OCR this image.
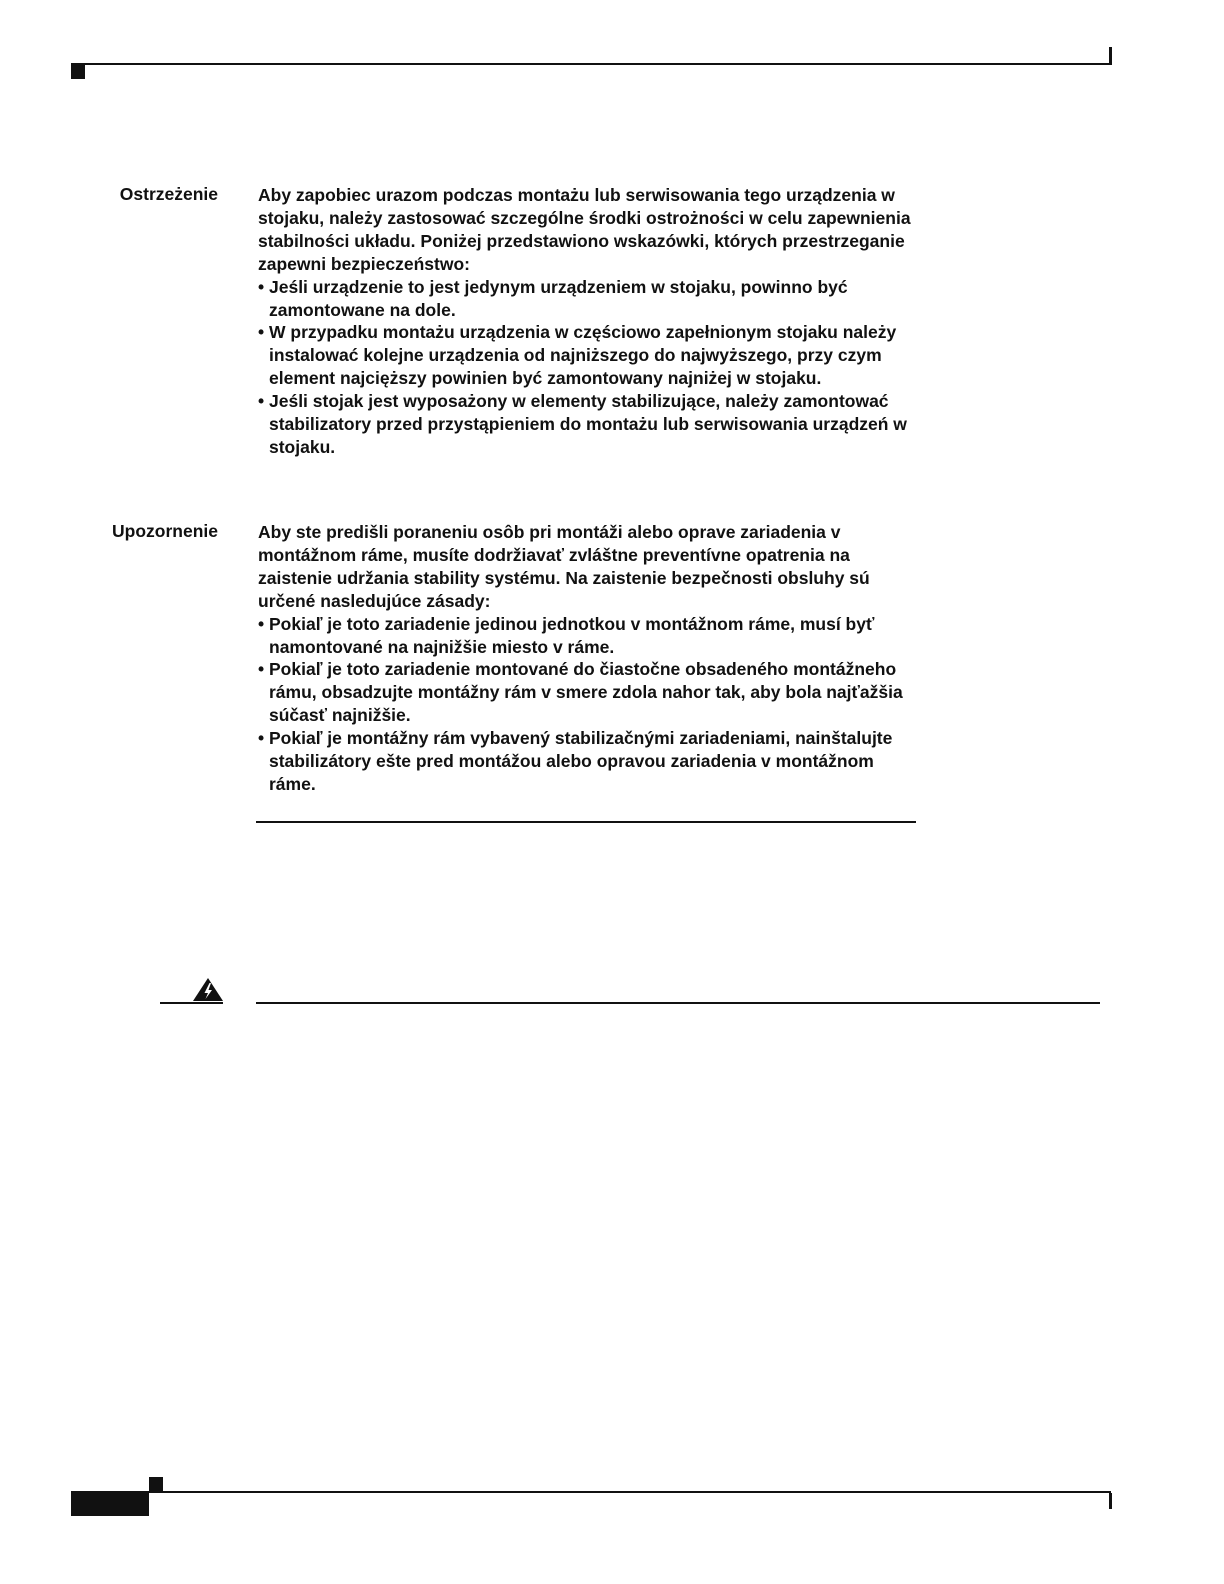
Ostrzeżenie Aby zapobiec urazom podczas montażu lub serwisowania tego urządzenia w stojaku, należy zastosować szczególne środki ostrożności w celu zapewnienia stabilności układu. Poniżej przedstawiono wskazówki, których przestrzeganie zapewni bezpieczeństwo:

• Jeśli urządzenie to jest jedynym urządzeniem w stojaku, powinno być zamontowane na dole.
• W przypadku montażu urządzenia w częściowo zapełnionym stojaku należy instalować kolejne urządzenia od najniższego do najwyższego, przy czym element najcięższy powinien być zamontowany najniżej w stojaku.
• Jeśli stojak jest wyposażony w elementy stabilizujące, należy zamontować stabilizatory przed przystąpieniem do montażu lub serwisowania urządzeń w stojaku.
Upozornenie Aby ste predišli poraneniu osôb pri montáži alebo oprave zariadenia v montážnom ráme, musíte dodržiavať zvláštne preventívne opatrenia na zaistenie udržania stability systému. Na zaistenie bezpečnosti obsluhy sú určené nasledujúce zásady:

• Pokiaľ je toto zariadenie jedinou jednotkou v montážnom ráme, musí byť namontované na najnižšie miesto v ráme.
• Pokiaľ je toto zariadenie montované do čiastočne obsadeného montážneho rámu, obsadzujte montážny rám v smere zdola nahor tak, aby bola najťažšia súčasť najnižšie.
• Pokiaľ je montážny rám vybavený stabilizačnými zariadeniami, nainštalujte stabilizátory ešte pred montážou alebo opravou zariadenia v montážnom ráme.
